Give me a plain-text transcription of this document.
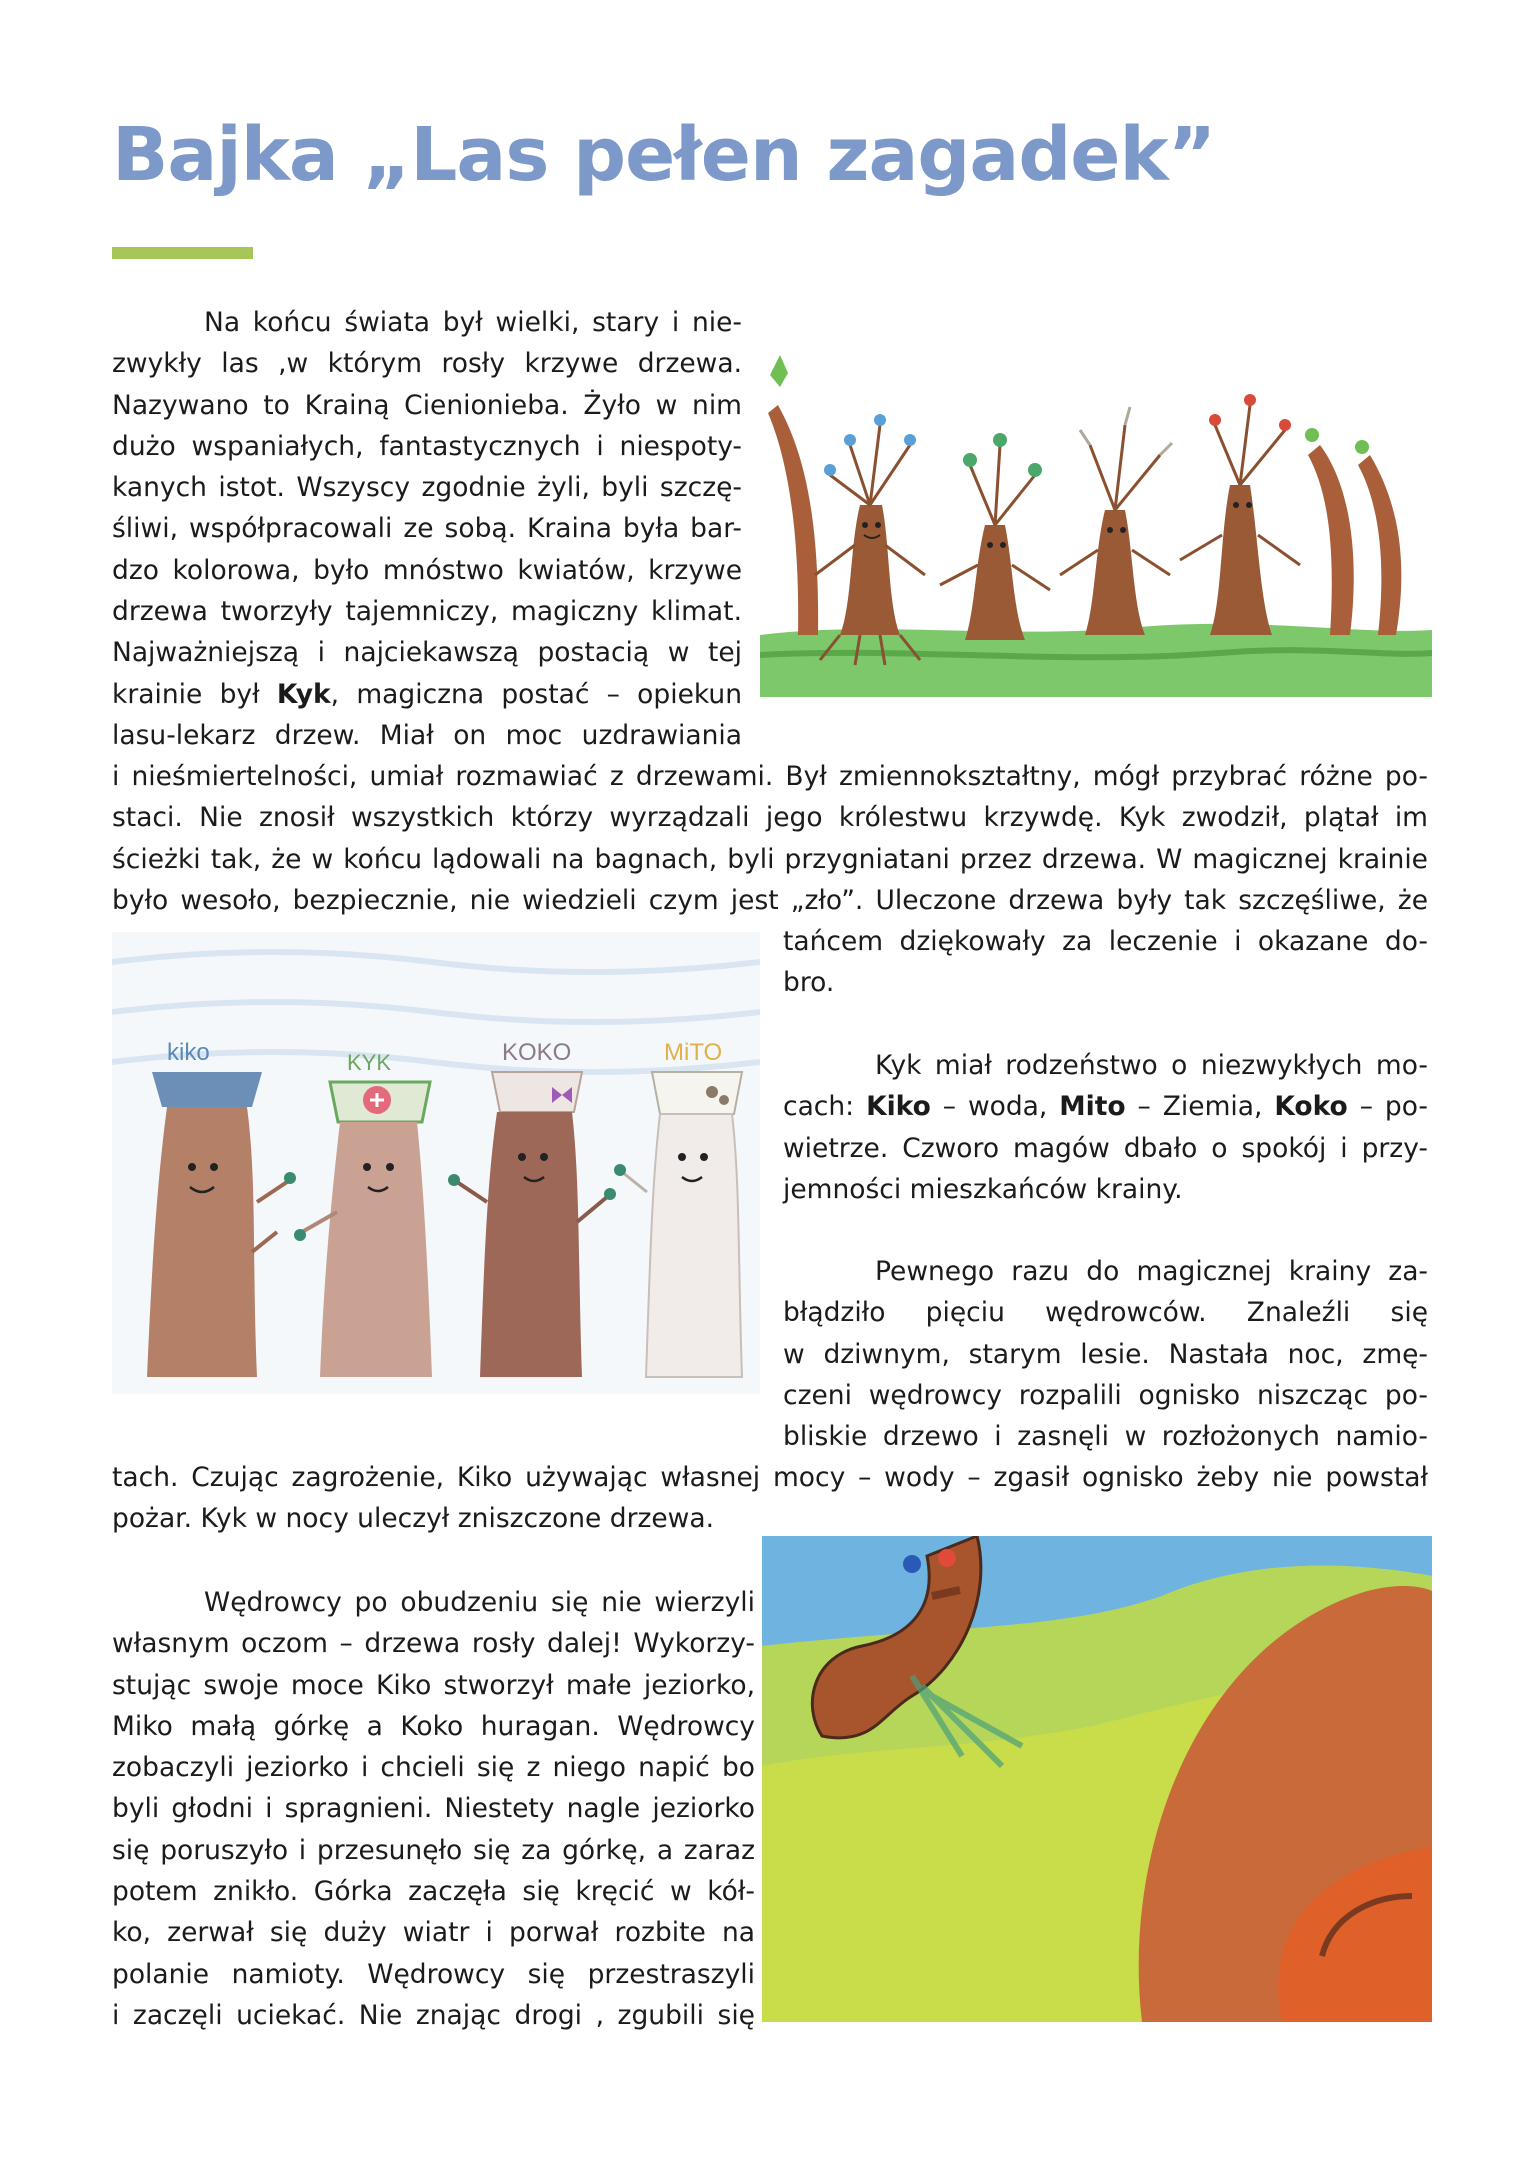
Bajka „Las pełen zagadek”
Na końcu świata był wielki, stary i nie-
zwykły las ,w którym rosły krzywe drzewa.
Nazywano to Krainą Cienionieba. Żyło w nim
dużo wspaniałych, fantastycznych i niespoty-
kanych istot. Wszyscy zgodnie żyli, byli szczę-
śliwi, współpracowali ze sobą. Kraina była bar-
dzo kolorowa, było mnóstwo kwiatów, krzywe
drzewa tworzyły tajemniczy, magiczny klimat.
Najważniejszą i najciekawszą postacią w tej
krainie był Kyk, magiczna postać – opiekun
lasu-lekarz drzew. Miał on moc uzdrawiania
i nieśmiertelności, umiał rozmawiać z drzewami. Był zmiennokształtny, mógł przybrać różne po-
staci. Nie znosił wszystkich którzy wyrządzali jego królestwu krzywdę. Kyk zwodził, plątał im
ścieżki tak, że w końcu lądowali na bagnach, byli przygniatani przez drzewa. W magicznej krainie
było wesoło, bezpiecznie, nie wiedzieli czym jest „zło”. Uleczone drzewa były tak szczęśliwe, że
tańcem dziękowały za leczenie i okazane do-
bro.
Kyk miał rodzeństwo o niezwykłych mo-
cach: Kiko – woda, Mito – Ziemia, Koko – po-
wietrze. Czworo magów dbało o spokój i przy-
jemności mieszkańców krainy.
Pewnego razu do magicznej krainy za-
błądziło pięciu wędrowców. Znaleźli się
w dziwnym, starym lesie. Nastała noc, zmę-
czeni wędrowcy rozpalili ognisko niszcząc po-
bliskie drzewo i zasnęli w rozłożonych namio-
tach. Czując zagrożenie, Kiko używając własnej mocy – wody – zgasił ognisko żeby nie powstał
pożar. Kyk w nocy uleczył zniszczone drzewa.
Wędrowcy po obudzeniu się nie wierzyli
własnym oczom – drzewa rosły dalej! Wykorzy-
stując swoje moce Kiko stworzył małe jeziorko,
Miko małą górkę a Koko huragan. Wędrowcy
zobaczyli jeziorko i chcieli się z niego napić bo
byli głodni i spragnieni. Niestety nagle jeziorko
się poruszyło i przesunęło się za górkę, a zaraz
potem znikło. Górka zaczęła się kręcić w kół-
ko, zerwał się duży wiatr i porwał rozbite na
polanie namioty. Wędrowcy się przestraszyli
i zaczęli uciekać. Nie znając drogi , zgubili się
kiko	KYK	KOKO	MiTO
